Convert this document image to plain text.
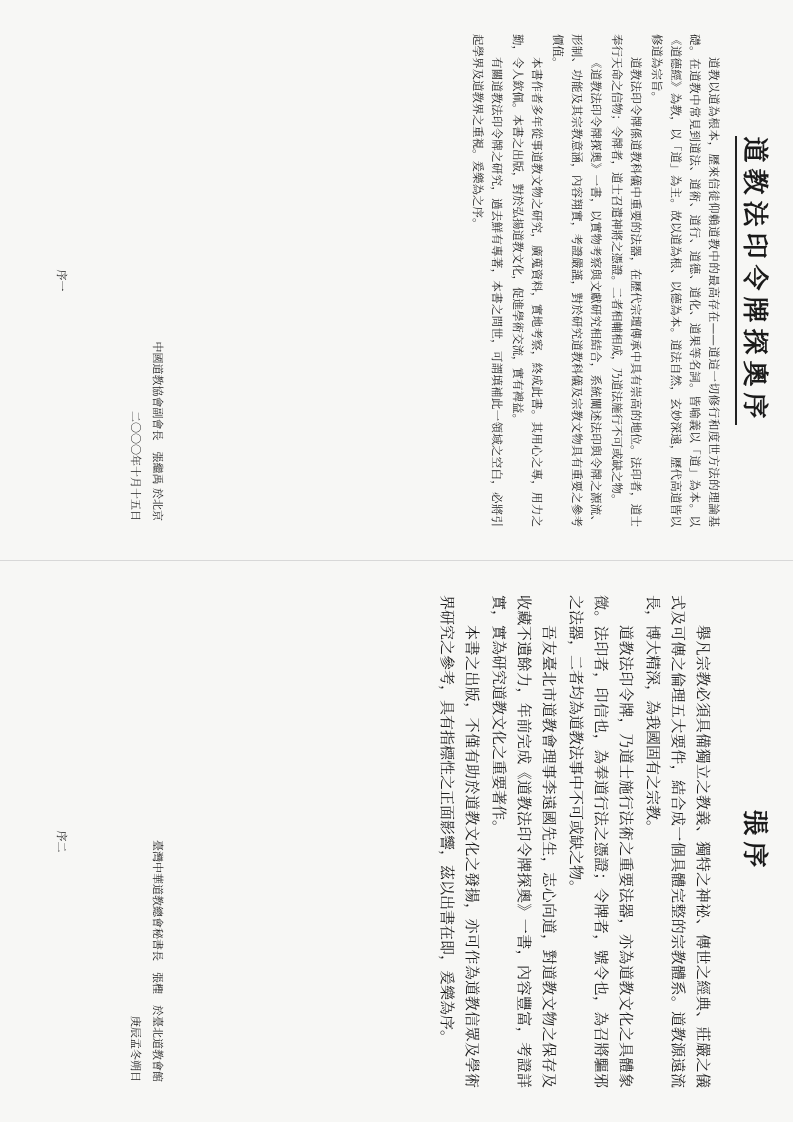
道教法印令牌探奧序

道教以道為根本，歷來信徒仰賴道教中的最高存在——道這一切修行和度世方法的理論基礎。在道教中常見到道法、道術、道行、道德、道化、道果等名詞。皆喻義以「道」為本。以《道德經》為教，以「道」為主。故以道為根、以德為本。道法自然，玄妙深遠，歷代高道皆以修道為宗旨。

道教法印令牌係道教科儀中重要的法器，在歷代宗壇傳承中具有崇高的地位。法印者，道士奉行天命之信物；令牌者，道士召遣神將之憑證。二者相輔相成，乃道法施行不可或缺之物。

《道教法印令牌探奧》一書，以實物考察與文獻研究相結合，系統闡述法印與令牌之源流、形制、功能及其宗教意涵，內容翔實，考證嚴謹，對於研究道教科儀及宗教文物具有重要之參考價值。

本書作者多年從事道教文物之研究，廣蒐資料，實地考察，終成此書。其用心之專，用力之勤，令人欽佩。本書之出版，對於弘揚道教文化，促進學術交流，實有裨益。

有關道教法印令牌之研究，過去鮮有專著，本書之問世，可謂填補此一領域之空白，必將引起學界及道教界之重視。爰樂為之序。

中國道教協會副會長　張繼禹 於北京
二〇〇〇年十月十五日
序一
張序

舉凡宗教必須具備獨立之教義、獨特之神祕、傳世之經典、莊嚴之儀式及可傳之倫理五大要件，結合成一個具體完整的宗教體系。道教源遠流長，博大精深，為我國固有之宗教。

道教法印令牌，乃道士施行法術之重要法器，亦為道教文化之具體象徵。法印者，印信也，為奉道行法之憑證；令牌者，號令也，為召將驅邪之法器，二者均為道教法事中不可或缺之物。

吾友臺北市道教會理事李遠國先生，志心向道，對道教文物之保存及收藏不遺餘力，年前完成《道教法印令牌探奧》一書，內容豐富，考證詳實，實為研究道教文化之重要著作。

本書之出版，不僅有助於道教文化之發揚，亦可作為道教信眾及學術界研究之參考，具有指標性之正面影響，茲以出書在即，爰樂為序。

臺灣中華道教總會秘書長　張檉　於臺北道教會館
庚辰孟冬朔日
序二
